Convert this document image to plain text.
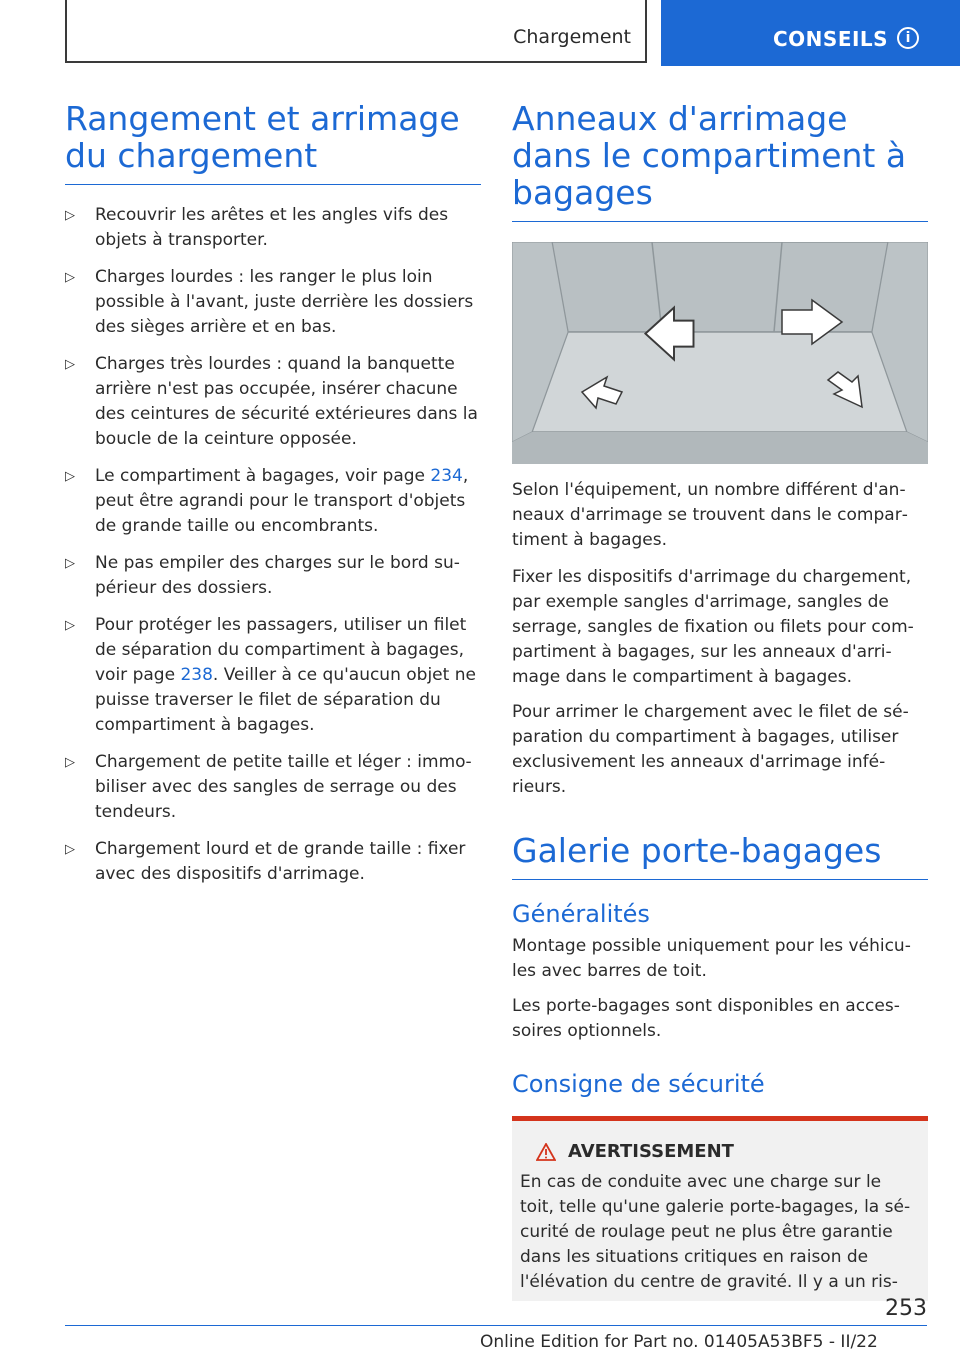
Chargement	CONSEILS	i
Rangement et arrimage du chargement
▷ Recouvrir les arêtes et les angles vifs des objets à transporter.
▷ Charges lourdes : les ranger le plus loin possible à l'avant, juste derrière les dossiers des sièges arrière et en bas.
▷ Charges très lourdes : quand la banquette arrière n'est pas occupée, insérer chacune des ceintures de sécurité extérieures dans la boucle de la ceinture opposée.
▷ Le compartiment à bagages, voir page 234, peut être agrandi pour le transport d'objets de grande taille ou encombrants.
▷ Ne pas empiler des charges sur le bord supérieur des dossiers.
▷ Pour protéger les passagers, utiliser un filet de séparation du compartiment à bagages, voir page 238. Veiller à ce qu'aucun objet ne puisse traverser le filet de séparation du compartiment à bagages.
▷ Chargement de petite taille et léger : immobiliser avec des sangles de serrage ou des tendeurs.
▷ Chargement lourd et de grande taille : fixer avec des dispositifs d'arrimage.
Anneaux d'arrimage dans le compartiment à bagages

Selon l'équipement, un nombre différent d'anneaux d'arrimage se trouvent dans le compartiment à bagages.

Fixer les dispositifs d'arrimage du chargement, par exemple sangles d'arrimage, sangles de serrage, sangles de fixation ou filets pour compartiment à bagages, sur les anneaux d'arrimage dans le compartiment à bagages.

Pour arrimer le chargement avec le filet de séparation du compartiment à bagages, utiliser exclusivement les anneaux d'arrimage inférieurs.

Galerie porte-bagages
Généralités

Montage possible uniquement pour les véhicules avec barres de toit.

Les porte-bagages sont disponibles en accessoires optionnels.

Consigne de sécurité
AVERTISSEMENT

En cas de conduite avec une charge sur le toit, telle qu'une galerie porte-bagages, la sécurité de roulage peut ne plus être garantie dans les situations critiques en raison de l'élévation du centre de gravité. Il y a un ris-

253
Online Edition for Part no. 01405A53BF5 - II/22
